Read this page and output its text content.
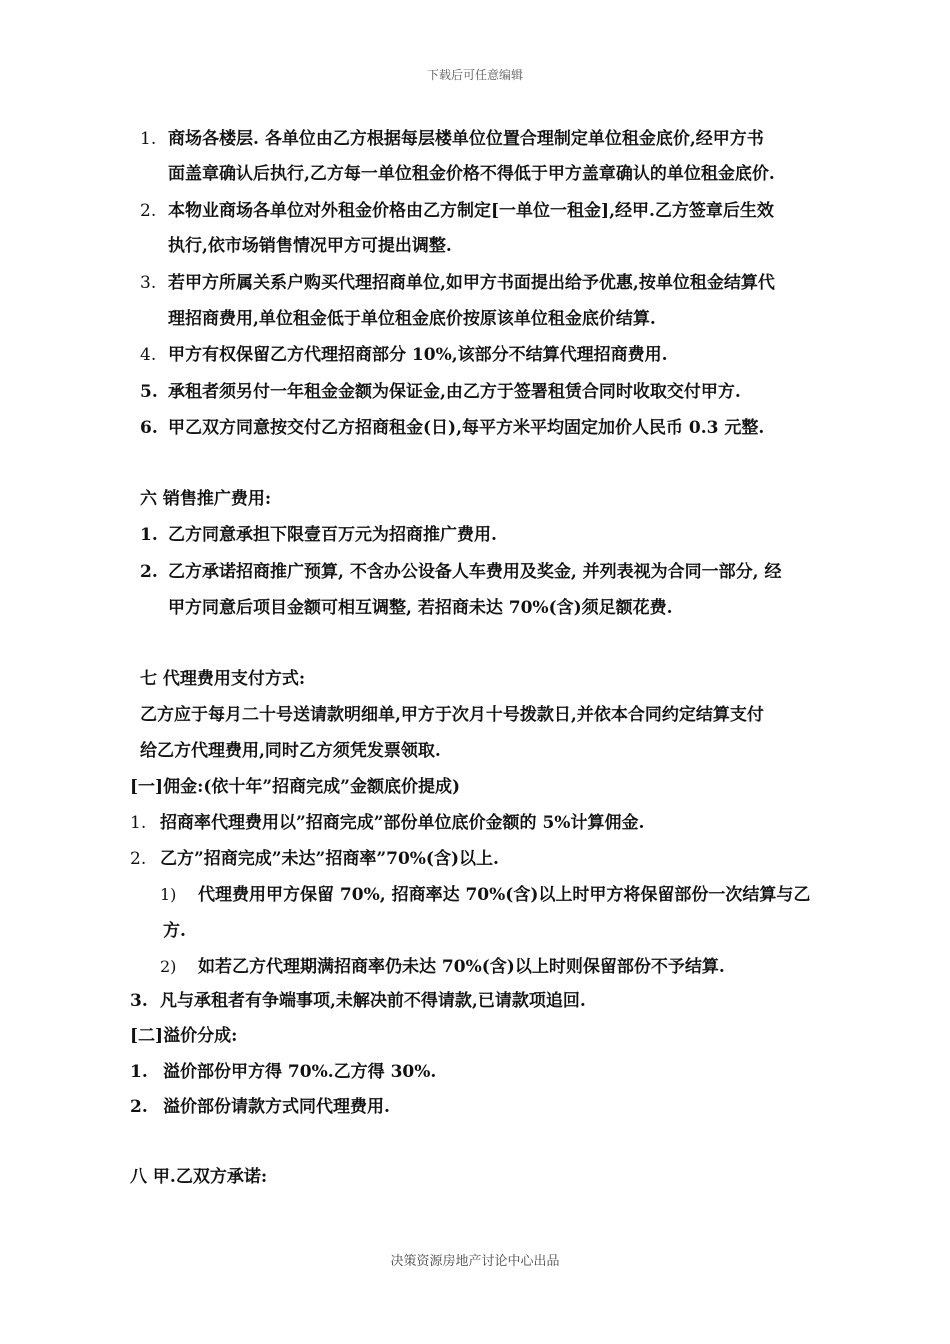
下载后可任意编辑
1. 商场各楼层. 各单位由乙方根据每层楼单位位置合理制定单位租金底价,经甲方书
面盖章确认后执行,乙方每一单位租金价格不得低于甲方盖章确认的单位租金底价.
2. 本物业商场各单位对外租金价格由乙方制定[一单位一租金],经甲.乙方签章后生效
执行,依市场销售情况甲方可提出调整.
3. 若甲方所属关系户购买代理招商单位,如甲方书面提出给予优惠,按单位租金结算代
理招商费用,单位租金低于单位租金底价按原该单位租金底价结算.
4. 甲方有权保留乙方代理招商部分 10%,该部分不结算代理招商费用.
5. 承租者须另付一年租金金额为保证金,由乙方于签署租赁合同时收取交付甲方.
6. 甲乙双方同意按交付乙方招商租金(日),每平方米平均固定加价人民币 0.3 元整.
六 销售推广费用:
1. 乙方同意承担下限壹百万元为招商推广费用.
2. 乙方承诺招商推广预算, 不含办公设备人车费用及奖金, 并列表视为合同一部分, 经
甲方同意后项目金额可相互调整, 若招商未达 70%(含)须足额花费.
七 代理费用支付方式:
乙方应于每月二十号送请款明细单,甲方于次月十号拨款日,并依本合同约定结算支付
给乙方代理费用,同时乙方须凭发票领取.
[一]佣金:(依十年”招商完成”金额底价提成)
1. 招商率代理费用以”招商完成”部份单位底价金额的 5%计算佣金.
2. 乙方”招商完成”未达”招商率”70%(含)以上.
1) 代理费用甲方保留 70%, 招商率达 70%(含)以上时甲方将保留部份一次结算与乙
方.
2) 如若乙方代理期满招商率仍未达 70%(含)以上时则保留部份不予结算.
3. 凡与承租者有争端事项,未解决前不得请款,已请款项追回.
[二]溢价分成:
1. 溢价部份甲方得 70%.乙方得 30%.
2. 溢价部份请款方式同代理费用.
八 甲.乙双方承诺:
决策资源房地产讨论中心出品
